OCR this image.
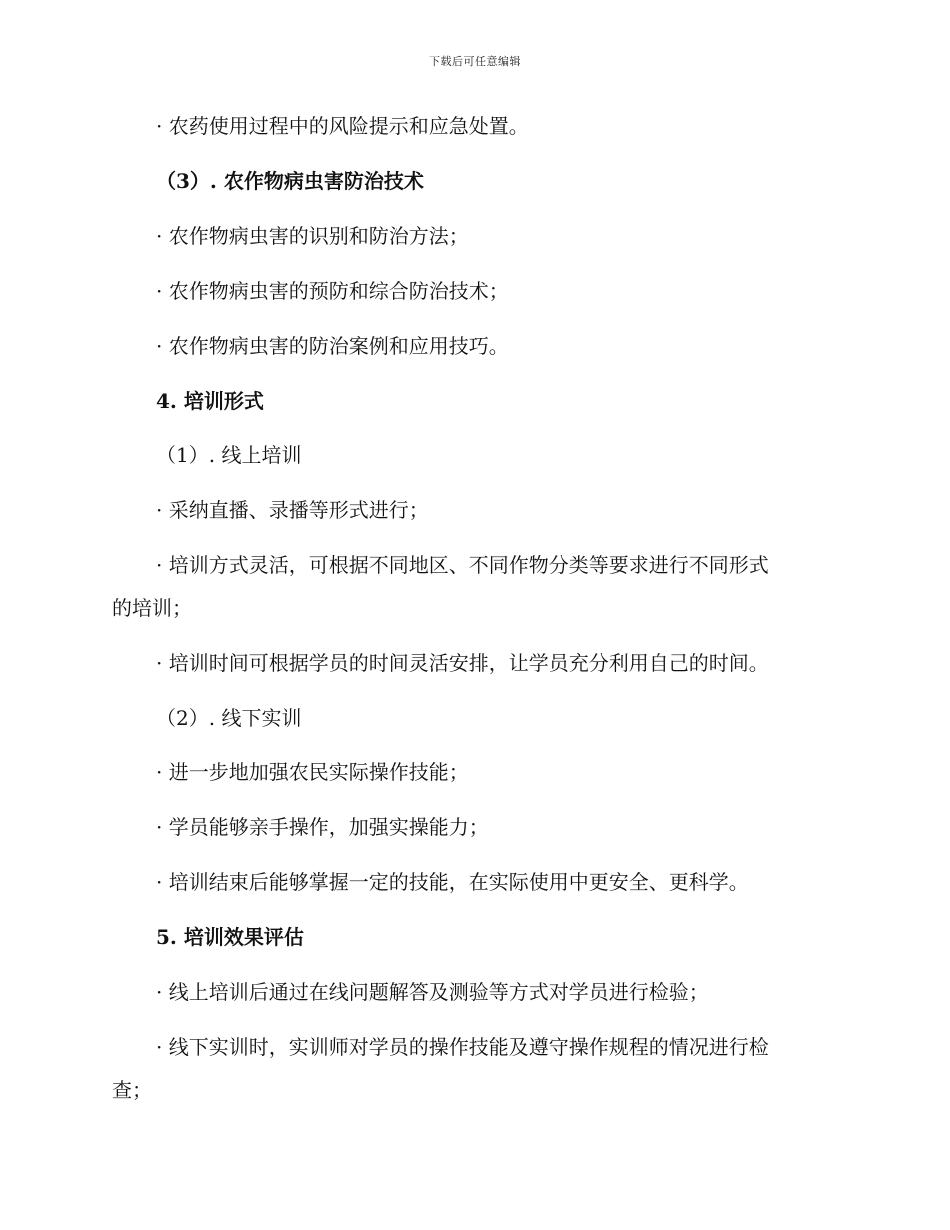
下载后可任意编辑
· 农药使用过程中的风险提示和应急处置。
（3）. 农作物病虫害防治技术
· 农作物病虫害的识别和防治方法；
· 农作物病虫害的预防和综合防治技术；
· 农作物病虫害的防治案例和应用技巧。
4. 培训形式
（1）. 线上培训
· 采纳直播、录播等形式进行；
· 培训方式灵活，可根据不同地区、不同作物分类等要求进行不同形式
的培训；
· 培训时间可根据学员的时间灵活安排，让学员充分利用自己的时间。
（2）. 线下实训
· 进一步地加强农民实际操作技能；
· 学员能够亲手操作，加强实操能力；
· 培训结束后能够掌握一定的技能，在实际使用中更安全、更科学。
5. 培训效果评估
· 线上培训后通过在线问题解答及测验等方式对学员进行检验；
· 线下实训时，实训师对学员的操作技能及遵守操作规程的情况进行检
查；
